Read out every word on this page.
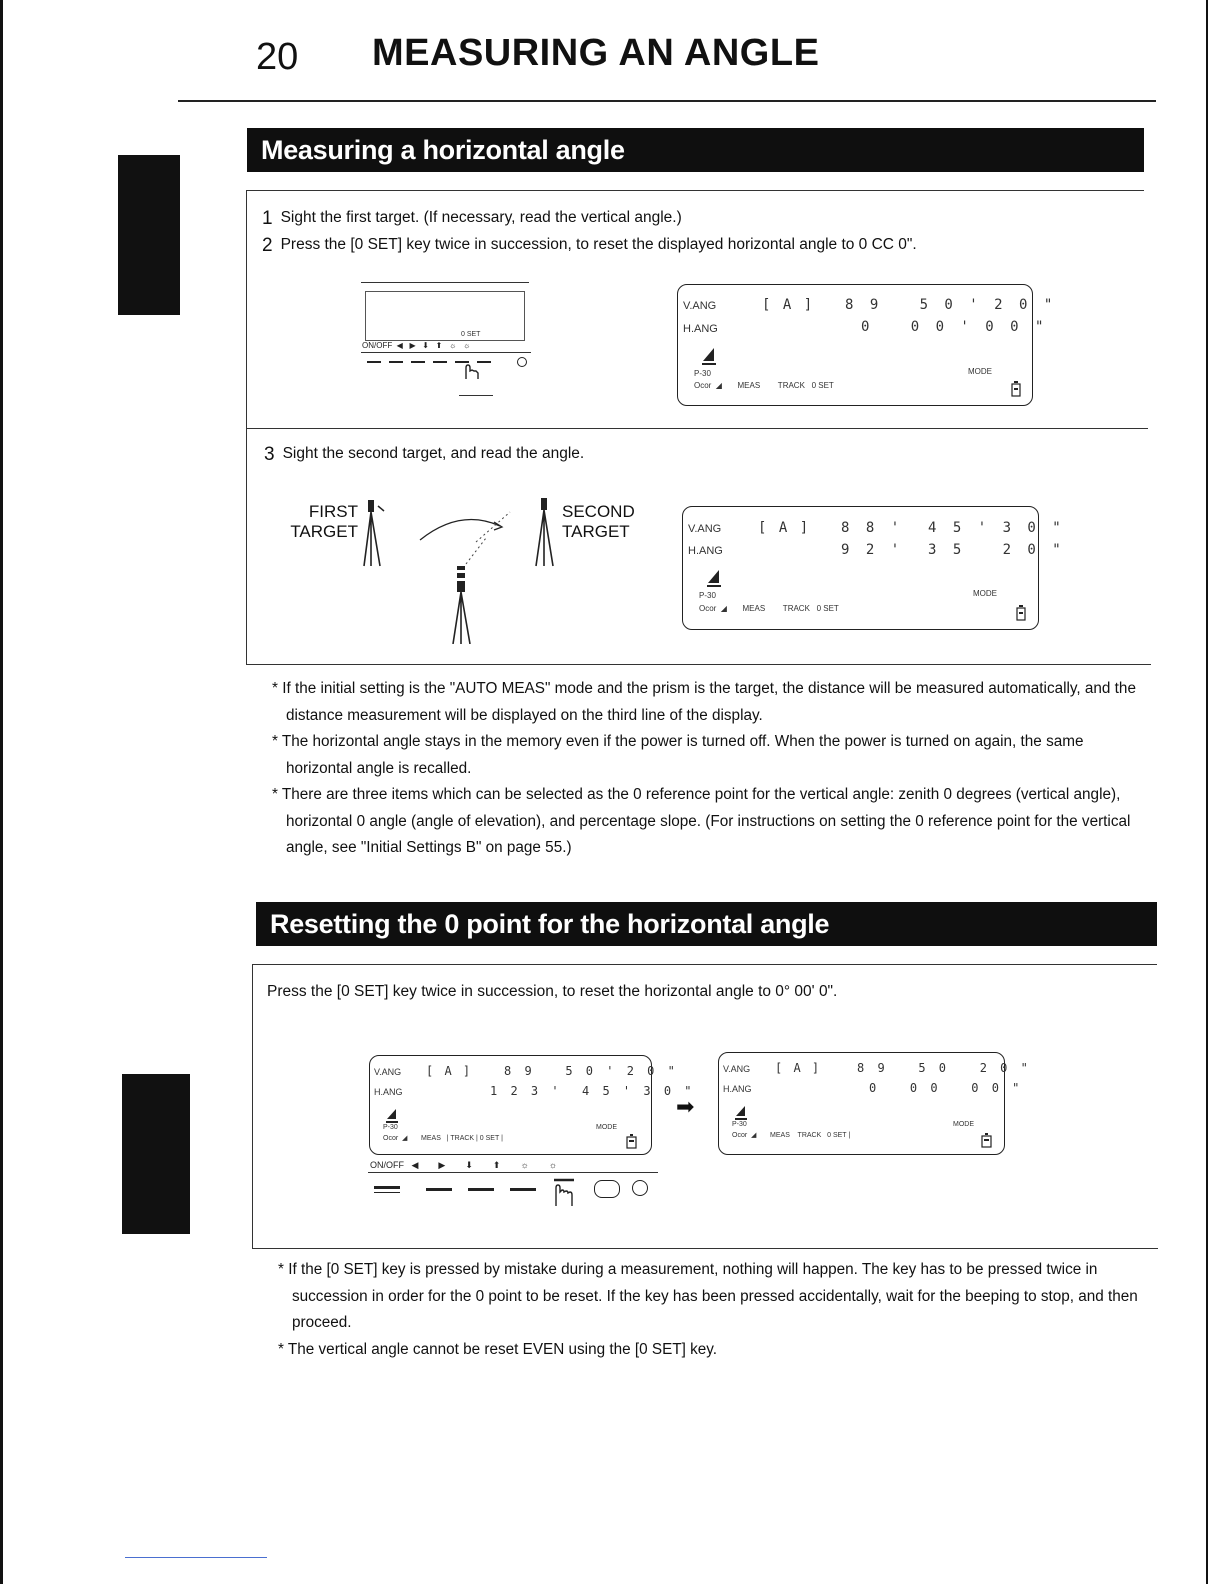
20 MEASURING AN ANGLE
Measuring a horizontal angle
1 Sight the first target. (If necessary, read the vertical angle.)
2 Press the [0 SET] key twice in succession, to reset the displayed horizontal angle to 0 CC 0".
0 SET
ON/OFF  ◀   ▶   ⬇   ⬆   ☼   ☼
V.ANG
H.ANG
[ A ] 8 9   5 0 ' 2 0 "
0   0 0 ' 0 0 "
P-30	MODE
Ocor  ◢       MEAS        TRACK   0 SET
3 Sight the second target, and read the angle.
FIRST
TARGET
SECOND
TARGET	V.ANG
H.ANG
[ A ] 8 8 '  4 5 ' 3 0 "
9 2 '  3 5   2 0 "
P-30	MODE
Ocor  ◢       MEAS        TRACK   0 SET

* If the initial setting is the "AUTO MEAS" mode and the prism is the target, the distance will be measured automatically, and the distance measurement will be displayed on the third line of the display.

* The horizontal angle stays in the memory even if the power is turned off. When the power is turned on again, the same horizontal angle is recalled.

* There are three items which can be selected as the 0 reference point for the vertical angle: zenith 0 degrees (vertical angle), horizontal 0 angle (angle of elevation), and percentage slope. (For instructions on setting the 0 reference point for the vertical angle, see "Initial Settings B" on page 55.)

Resetting the 0 point for the horizontal angle
Press the [0 SET] key twice in succession, to reset the horizontal angle to 0° 00' 0".
V.ANG
H.ANG
[ A ]	8 9   5 0 ' 2 0 "
1 2 3 '  4 5 ' 3 0 "
P-30	MODE
Ocor  ◢       MEAS   | TRACK | 0 SET |
ON/OFF   ◀        ▶        ⬇        ⬆        ☼        ☼
➡
V.ANG
H.ANG
[ A ]	8 9   5 0   2 0 "
0   0 0   0 0 "
P-30	MODE
Ocor  ◢       MEAS    TRACK   0 SET |

* If the [0 SET] key is pressed by mistake during a measurement, nothing will happen. The key has to be pressed twice in succession in order for the 0 point to be reset. If the key has been pressed accidentally, wait for the beeping to stop, and then proceed.

* The vertical angle cannot be reset EVEN using the [0 SET] key.
